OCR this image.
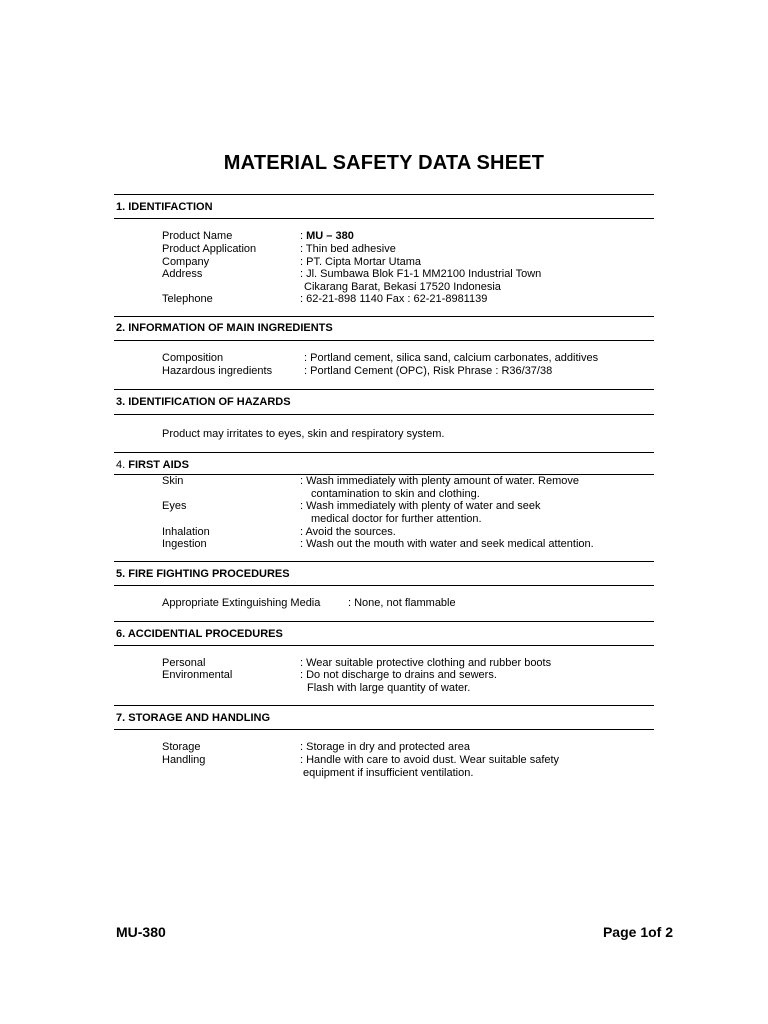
MATERIAL SAFETY DATA SHEET
1. IDENTIFACTION
Product Name	: MU – 380
Product Application	: Thin bed adhesive
Company	: PT. Cipta Mortar Utama
Address	: Jl. Sumbawa Blok F1-1 MM2100 Industrial Town
Cikarang Barat, Bekasi 17520 Indonesia
Telephone	: 62-21-898 1140 Fax : 62-21-8981139
2. INFORMATION OF MAIN INGREDIENTS
Composition	: Portland cement, silica sand, calcium carbonates, additives
Hazardous ingredients	: Portland Cement (OPC), Risk Phrase : R36/37/38
3. IDENTIFICATION OF HAZARDS
Product may irritates to eyes, skin and respiratory system.
4. FIRST AIDS
Skin	: Wash immediately with plenty amount of water. Remove
contamination to skin and clothing.
Eyes	: Wash immediately with plenty of water and seek
medical doctor for further attention.
Inhalation	: Avoid the sources.
Ingestion	: Wash out the mouth with water and seek medical attention.
5. FIRE FIGHTING PROCEDURES
Appropriate Extinguishing Media	: None, not flammable
6. ACCIDENTIAL PROCEDURES
Personal	: Wear suitable protective clothing and rubber boots
Environmental	: Do not discharge to drains and sewers.
Flash with large quantity of water.
7. STORAGE AND HANDLING
Storage	: Storage in dry and protected area
Handling	: Handle with care to avoid dust. Wear suitable safety
equipment if insufficient ventilation.
MU-380	Page 1of 2
